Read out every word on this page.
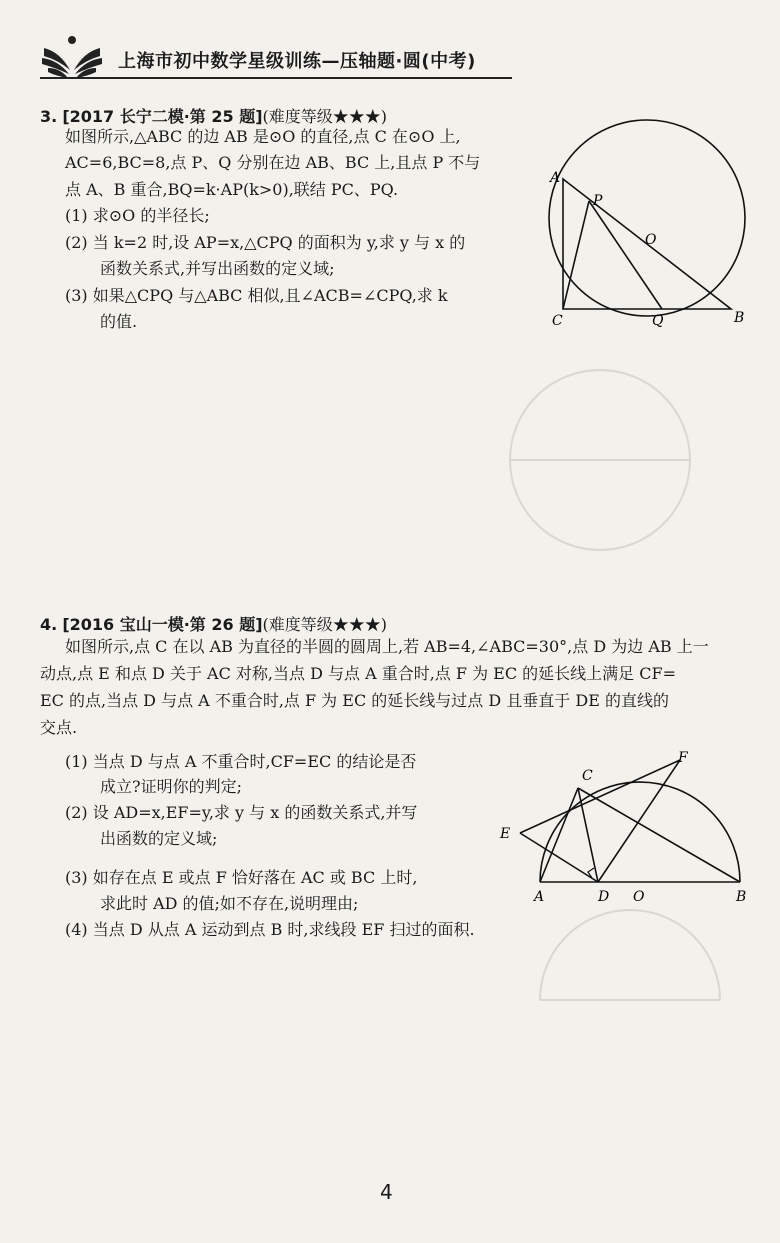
上海市初中数学星级训练—压轴题·圆(中考)
3. [2017 长宁二模·第 25 题](难度等级★★★)
如图所示,△ABC 的边 AB 是⊙O 的直径,点 C 在⊙O 上,
AC=6,BC=8,点 P、Q 分别在边 AB、BC 上,且点 P 不与
点 A、B 重合,BQ=k·AP(k>0),联结 PC、PQ.
(1) 求⊙O 的半径长;
(2) 当 k=2 时,设 AP=x,△CPQ 的面积为 y,求 y 与 x 的
函数关系式,并写出函数的定义域;
(3) 如果△CPQ 与△ABC 相似,且∠ACB=∠CPQ,求 k
的值.
A
P
O
C	Q	B
4. [2016 宝山一模·第 26 题](难度等级★★★)
如图所示,点 C 在以 AB 为直径的半圆的圆周上,若 AB=4,∠ABC=30°,点 D 为边 AB 上一
动点,点 E 和点 D 关于 AC 对称,当点 D 与点 A 重合时,点 F 为 EC 的延长线上满足 CF=
EC 的点,当点 D 与点 A 不重合时,点 F 为 EC 的延长线与过点 D 且垂直于 DE 的直线的
交点.
(1) 当点 D 与点 A 不重合时,CF=EC 的结论是否
成立?证明你的判定;
(2) 设 AD=x,EF=y,求 y 与 x 的函数关系式,并写
出函数的定义域;
(3) 如存在点 E 或点 F 恰好落在 AC 或 BC 上时,
求此时 AD 的值;如不存在,说明理由;
(4) 当点 D 从点 A 运动到点 B 时,求线段 EF 扫过的面积.
F
C
E
A	D O	B
4
